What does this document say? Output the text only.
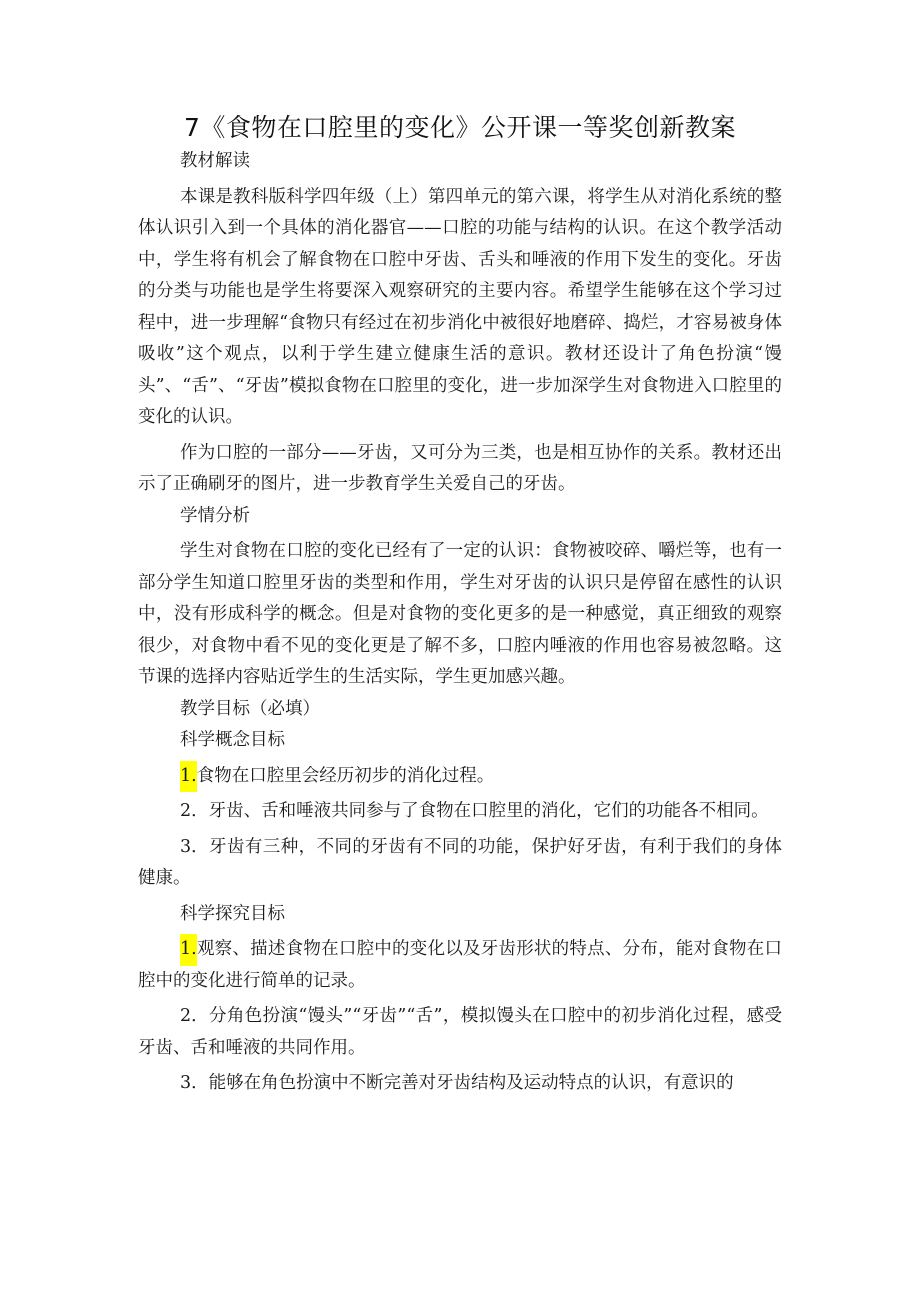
7《食物在口腔里的变化》公开课一等奖创新教案

教材解读

本课是教科版科学四年级（上）第四单元的第六课，将学生从对消化系统的整体认识引入到一个具体的消化器官——口腔的功能与结构的认识。在这个教学活动中，学生将有机会了解食物在口腔中牙齿、舌头和唾液的作用下发生的变化。牙齿的分类与功能也是学生将要深入观察研究的主要内容。希望学生能够在这个学习过程中，进一步理解“食物只有经过在初步消化中被很好地磨碎、捣烂，才容易被身体吸收”这个观点，以利于学生建立健康生活的意识。教材还设计了角色扮演“馒头”、“舌”、“牙齿”模拟食物在口腔里的变化，进一步加深学生对食物进入口腔里的变化的认识。

作为口腔的一部分——牙齿，又可分为三类，也是相互协作的关系。教材还出示了正确刷牙的图片，进一步教育学生关爱自己的牙齿。

学情分析

学生对食物在口腔的变化已经有了一定的认识：食物被咬碎、嚼烂等，也有一部分学生知道口腔里牙齿的类型和作用，学生对牙齿的认识只是停留在感性的认识中，没有形成科学的概念。但是对食物的变化更多的是一种感觉，真正细致的观察很少，对食物中看不见的变化更是了解不多，口腔内唾液的作用也容易被忽略。这节课的选择内容贴近学生的生活实际，学生更加感兴趣。

教学目标（必填）

科学概念目标

1.食物在口腔里会经历初步的消化过程。

2．牙齿、舌和唾液共同参与了食物在口腔里的消化，它们的功能各不相同。

3．牙齿有三种，不同的牙齿有不同的功能，保护好牙齿，有利于我们的身体健康。

科学探究目标

1.观察、描述食物在口腔中的变化以及牙齿形状的特点、分布，能对食物在口腔中的变化进行简单的记录。

2．分角色扮演“馒头”“牙齿”“舌”，模拟馒头在口腔中的初步消化过程，感受牙齿、舌和唾液的共同作用。

3．能够在角色扮演中不断完善对牙齿结构及运动特点的认识，有意识的
